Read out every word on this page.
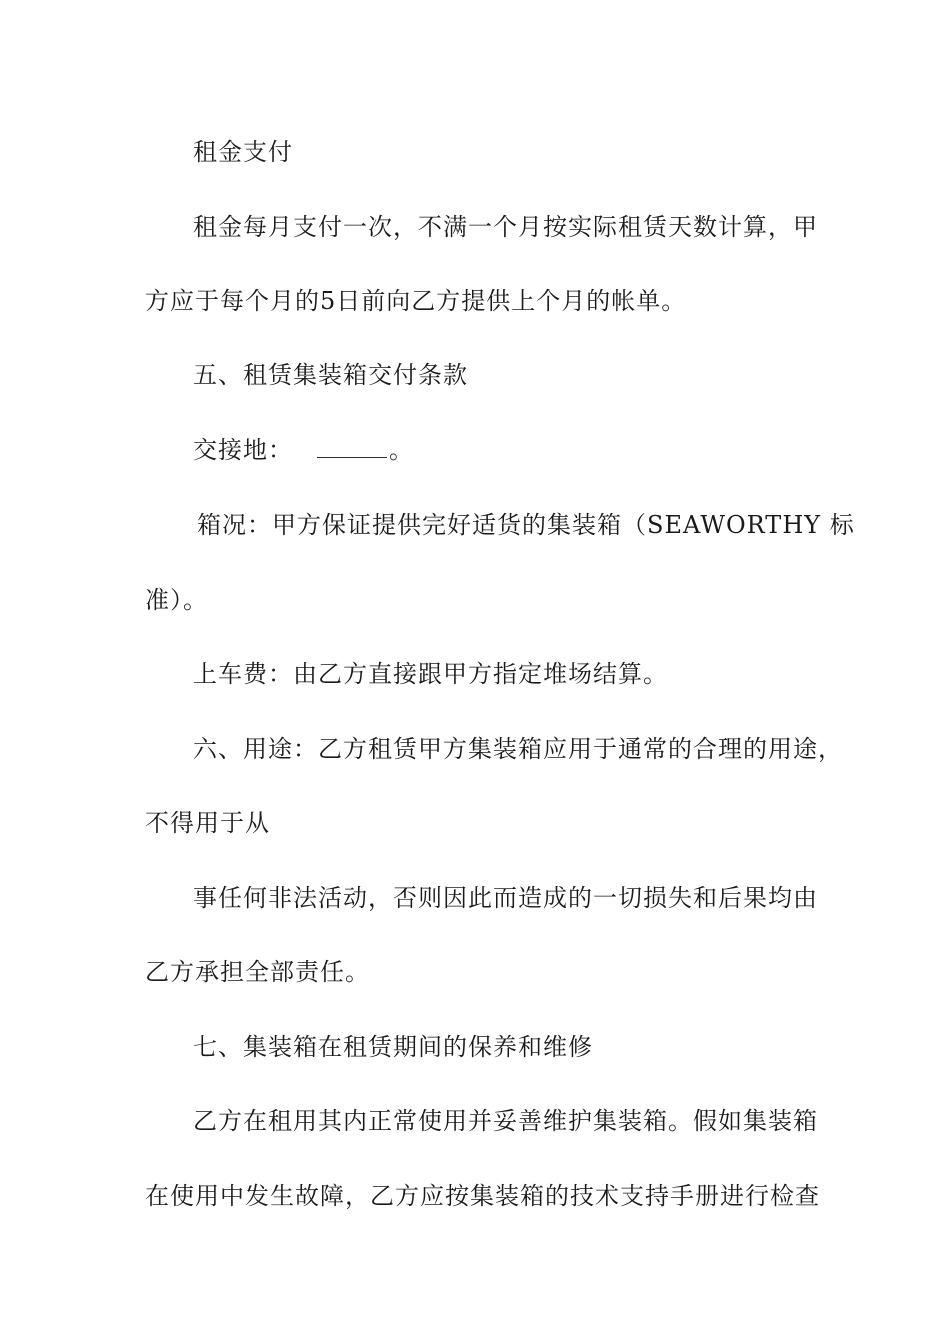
租金支付
租金每月支付一次，不满一个月按实际租赁天数计算，甲
方应于每个月的5日前向乙方提供上个月的帐单。
五、租赁集装箱交付条款
交接地：	。
箱况：甲方保证提供完好适货的集装箱（SEAWORTHY 标
准）。
上车费：由乙方直接跟甲方指定堆场结算。
六、用途：乙方租赁甲方集装箱应用于通常的合理的用途，
不得用于从
事任何非法活动，否则因此而造成的一切损失和后果均由
乙方承担全部责任。
七、集装箱在租赁期间的保养和维修
乙方在租用其内正常使用并妥善维护集装箱。假如集装箱
在使用中发生故障，乙方应按集装箱的技术支持手册进行检查
